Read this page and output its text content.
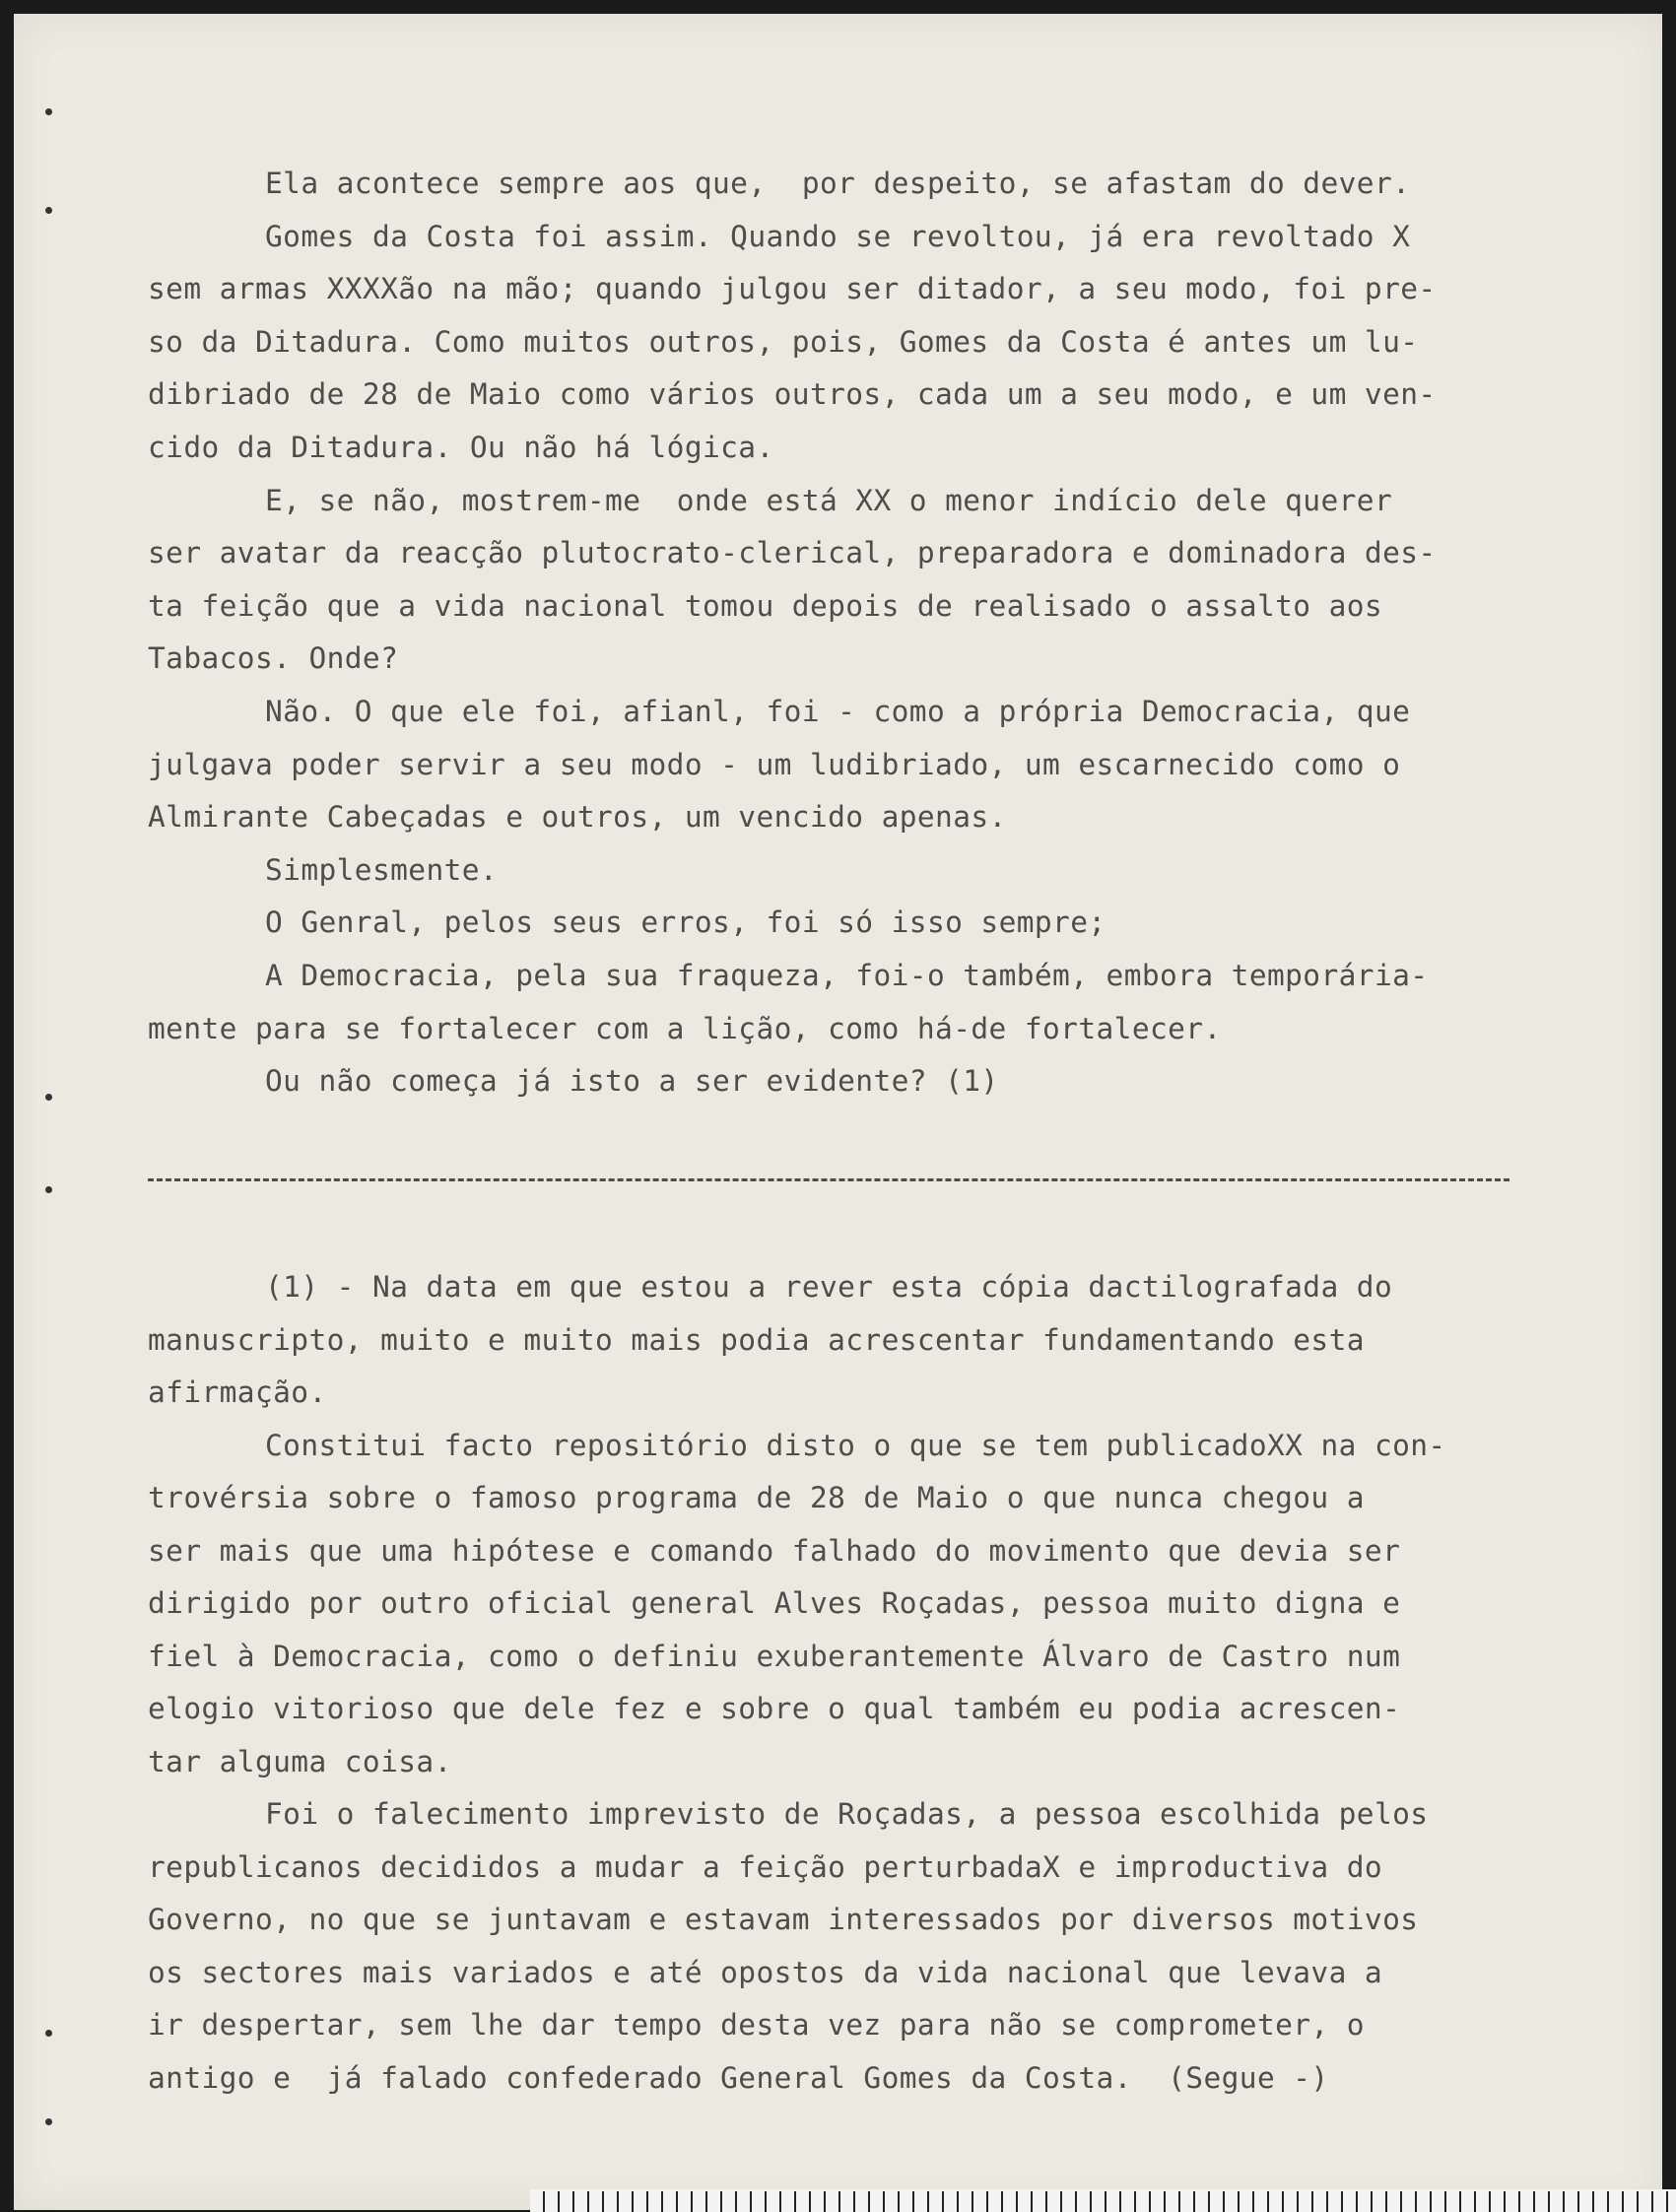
Ela acontece sempre aos que,  por despeito, se afastam do dever.
Gomes da Costa foi assim. Quando se revoltou, já era revoltado X
sem armas XXXXão na mão; quando julgou ser ditador, a seu modo, foi pre-
so da Ditadura. Como muitos outros, pois, Gomes da Costa é antes um lu-
dibriado de 28 de Maio como vários outros, cada um a seu modo, e um ven-
cido da Ditadura. Ou não há lógica.
E, se não, mostrem-me  onde está XX o menor indício dele querer
ser avatar da reacção plutocrato-clerical, preparadora e dominadora des-
ta feição que a vida nacional tomou depois de realisado o assalto aos
Tabacos. Onde?
Não. O que ele foi, afianl, foi - como a própria Democracia, que
julgava poder servir a seu modo - um ludibriado, um escarnecido como o
Almirante Cabeçadas e outros, um vencido apenas.
Simplesmente.
O Genral, pelos seus erros, foi só isso sempre;
A Democracia, pela sua fraqueza, foi-o também, embora temporária-
mente para se fortalecer com a lição, como há-de fortalecer.
Ou não começa já isto a ser evidente? (1)
(1) - Na data em que estou a rever esta cópia dactilografada do
manuscripto, muito e muito mais podia acrescentar fundamentando esta
afirmação.
Constitui facto repositório disto o que se tem publicadoXX na con-
trovérsia sobre o famoso programa de 28 de Maio o que nunca chegou a
ser mais que uma hipótese e comando falhado do movimento que devia ser
dirigido por outro oficial general Alves Roçadas, pessoa muito digna e
fiel à Democracia, como o definiu exuberantemente Álvaro de Castro num
elogio vitorioso que dele fez e sobre o qual também eu podia acrescen-
tar alguma coisa.
Foi o falecimento imprevisto de Roçadas, a pessoa escolhida pelos
republicanos decididos a mudar a feição perturbadaX e improductiva do
Governo, no que se juntavam e estavam interessados por diversos motivos
os sectores mais variados e até opostos da vida nacional que levava a
ir despertar, sem lhe dar tempo desta vez para não se comprometer, o
antigo e  já falado confederado General Gomes da Costa.  (Segue -)
